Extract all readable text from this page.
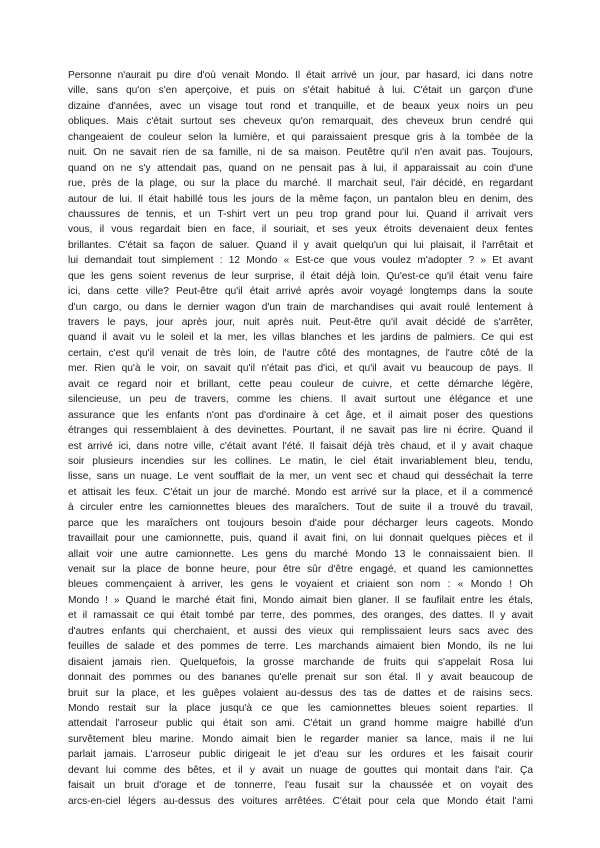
Personne n'aurait pu dire d'où venait Mondo. Il était arrivé un jour, par hasard, ici dans notre
ville, sans qu'on s'en aperçoive, et puis on s'était habitué à lui. C'était un garçon d'une
dizaine d'années, avec un visage tout rond et tranquille, et de beaux yeux noirs un peu
obliques. Mais c'était surtout ses cheveux qu'on remarquait, des cheveux brun cendré qui
changeaient de couleur selon la lumière, et qui paraissaient presque gris à la tombée de la
nuit. On ne savait rien de sa famille, ni de sa maison. Peutêtre qu'il n'en avait pas. Toujours,
quand on ne s'y attendait pas, quand on ne pensait pas à lui, il apparaissait au coin d'une
rue, près de la plage, ou sur la place du marché. Il marchait seul, l'air décidé, en regardant
autour de lui. Il était habillé tous les jours de la même façon, un pantalon bleu en denim, des
chaussures de tennis, et un T-shirt vert un peu trop grand pour lui. Quand il arrivait vers
vous, il vous regardait bien en face, il souriait, et ses yeux étroits devenaient deux fentes
brillantes. C'était sa façon de saluer. Quand il y avait quelqu'un qui lui plaisait, il l'arrêtait et
lui demandait tout simplement : 12 Mondo « Est-ce que vous voulez m'adopter ? » Et avant
que les gens soient revenus de leur surprise, il était déjà loin. Qu'est-ce qu'il était venu faire
ici, dans cette ville? Peut-être qu'il était arrivé après avoir voyagé longtemps dans la soute
d'un cargo, ou dans le dernier wagon d'un train de marchandises qui avait roulé lentement à
travers le pays, jour après jour, nuit après nuit. Peut-être qu'il avait décidé de s'arrêter,
quand il avait vu le soleil et la mer, les villas blanches et les jardins de palmiers. Ce qui est
certain, c'est qu'il venait de très loin, de l'autre côté des montagnes, de l'autre côté de la
mer. Rien qu'à le voir, on savait qu'il n'était pas d'ici, et qu'il avait vu beaucoup de pays. Il
avait ce regard noir et brillant, cette peau couleur de cuivre, et cette démarche légère,
silencieuse, un peu de travers, comme les chiens. Il avait surtout une élégance et une
assurance que les enfants n'ont pas d'ordinaire à cet âge, et il aimait poser des questions
étranges qui ressemblaient à des devinettes. Pourtant, il ne savait pas lire ni écrire. Quand il
est arrivé ici, dans notre ville, c'était avant l'été. Il faisait déjà très chaud, et il y avait chaque
soir plusieurs incendies sur les collines. Le matin, le ciel était invariablement bleu, tendu,
lisse, sans un nuage. Le vent soufflait de la mer, un vent sec et chaud qui desséchait la terre
et attisait les feux. C'était un jour de marché. Mondo est arrivé sur la place, et il a commencé
à circuler entre les camionnettes bleues des maraîchers. Tout de suite il a trouvé du travail,
parce que les maraîchers ont toujours besoin d'aide pour décharger leurs cageots. Mondo
travaillait pour une camionnette, puis, quand il avait fini, on lui donnait quelques pièces et il
allait voir une autre camionnette. Les gens du marché Mondo 13 le connaissaient bien. Il
venait sur la place de bonne heure, pour être sûr d'être engagé, et quand les camionnettes
bleues commençaient à arriver, les gens le voyaient et criaient son nom : « Mondo ! Oh
Mondo ! » Quand le marché était fini, Mondo aimait bien glaner. Il se faufilait entre les étals,
et il ramassait ce qui était tombé par terre, des pommes, des oranges, des dattes. Il y avait
d'autres enfants qui cherchaient, et aussi des vieux qui remplissaient leurs sacs avec des
feuilles de salade et des pommes de terre. Les marchands aimaient bien Mondo, ils ne lui
disaient jamais rien. Quelquefois, la grosse marchande de fruits qui s'appelait Rosa lui
donnait des pommes ou des bananes qu'elle prenait sur son étal. Il y avait beaucoup de
bruit sur la place, et les guêpes volaient au-dessus des tas de dattes et de raisins secs.
Mondo restait sur la place jusqu'à ce que les camionnettes bleues soient reparties. Il
attendait l'arroseur public qui était son ami. C'était un grand homme maigre habillé d'un
survêtement bleu marine. Mondo aimait bien le regarder manier sa lance, mais il ne lui
parlait jamais. L'arroseur public dirigeait le jet d'eau sur les ordures et les faisait courir
devant lui comme des bêtes, et il y avait un nuage de gouttes qui montait dans l'air. Ça
faisait un bruit d'orage et de tonnerre, l'eau fusait sur la chaussée et on voyait des
arcs-en-ciel légers au-dessus des voitures arrêtées. C'était pour cela que Mondo était l'ami
